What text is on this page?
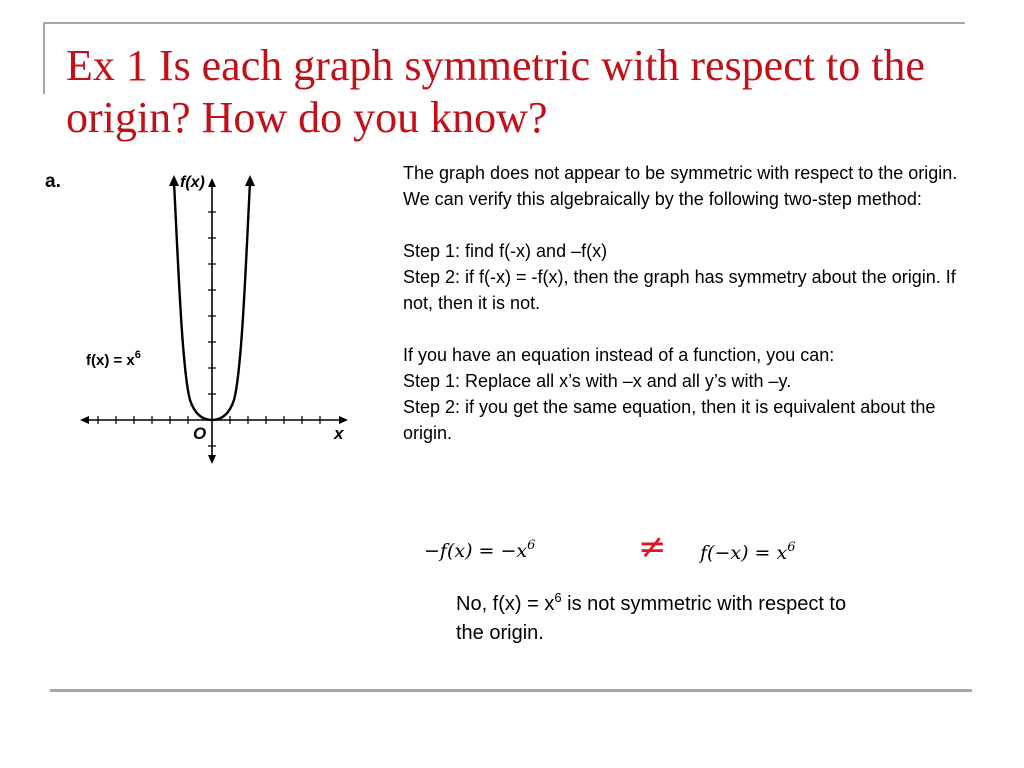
Ex 1 Is each graph symmetric with respect to the origin? How do you know?
a.	f(x)
x
O
$f(x) = x^6$

The graph does not appear to be symmetric with respect to the origin. We can verify this algebraically by the following two-step method:

Step 1: find f(-x) and –f(x)

Step 2: if f(-x) = -f(x), then the graph has symmetry about the origin. If not, then it is not.

If you have an equation instead of a function, you can:

Step 1: Replace all x’s with –x and all y’s with –y.

Step 2: if you get the same equation, then it is equivalent about the origin.

$-f(x) = -x^6$	≠ $f(-x) = x^6$

No, $f(x) = x^6$ is not symmetric with respect to the origin.
